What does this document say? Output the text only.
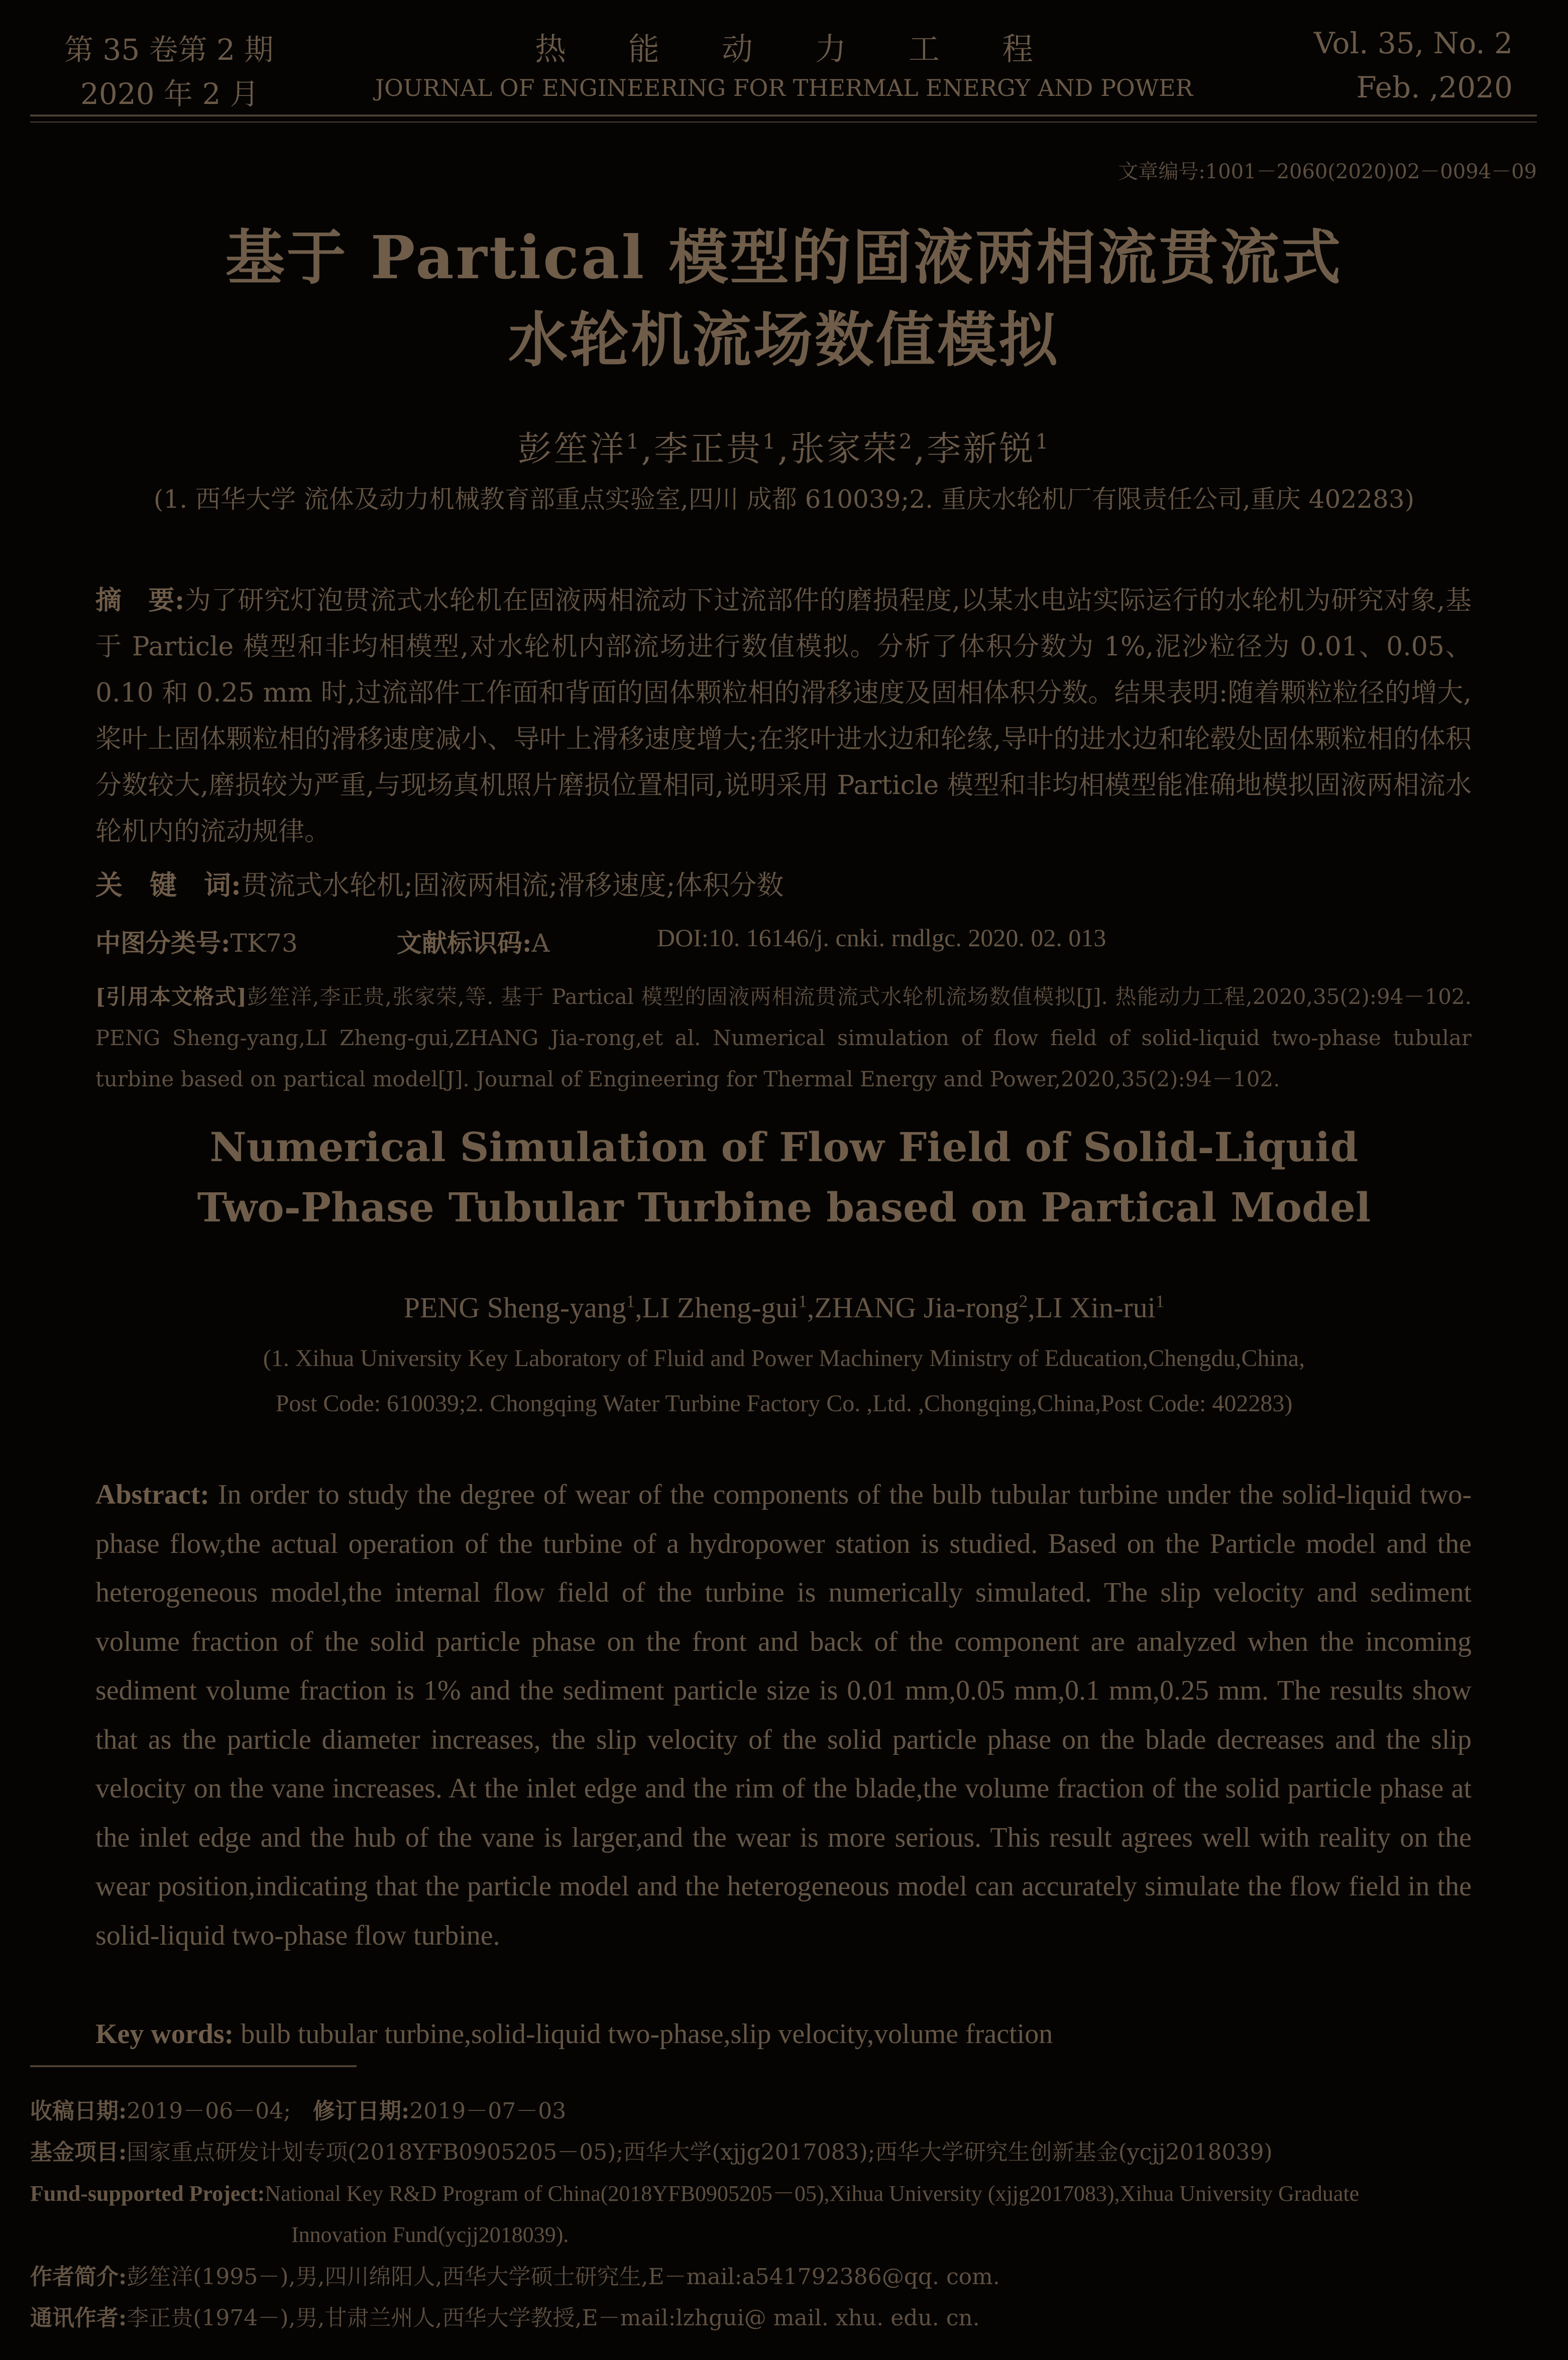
第 35 卷第 2 期
2020 年 2 月
热　　能　　动　　力　　工　　程
JOURNAL OF ENGINEERING FOR THERMAL ENERGY AND POWER
Vol. 35, No. 2
Feb. ,2020
文章编号:1001－2060(2020)02－0094－09
基于 Partical 模型的固液两相流贯流式
水轮机流场数值模拟
彭笙洋$^1$,李正贵$^1$,张家荣$^2$,李新锐$^1$
(1. 西华大学 流体及动力机械教育部重点实验室,四川 成都 610039;2. 重庆水轮机厂有限责任公司,重庆 402283)
摘　要:为了研究灯泡贯流式水轮机在固液两相流动下过流部件的磨损程度,以某水电站实际运行的水轮机为研究对象,基于 Particle 模型和非均相模型,对水轮机内部流场进行数值模拟。分析了体积分数为 1%,泥沙粒径为 0.01、0.05、0.10 和 0.25 mm 时,过流部件工作面和背面的固体颗粒相的滑移速度及固相体积分数。结果表明:随着颗粒粒径的增大,桨叶上固体颗粒相的滑移速度减小、导叶上滑移速度增大;在浆叶进水边和轮缘,导叶的进水边和轮毂处固体颗粒相的体积分数较大,磨损较为严重,与现场真机照片磨损位置相同,说明采用 Particle 模型和非均相模型能准确地模拟固液两相流水轮机内的流动规律。
关　键　词:贯流式水轮机;固液两相流;滑移速度;体积分数
中图分类号:TK73	文献标识码:A	DOI:10. 16146/j. cnki. rndlgc. 2020. 02. 013
[引用本文格式]彭笙洋,李正贵,张家荣,等. 基于 Partical 模型的固液两相流贯流式水轮机流场数值模拟[J]. 热能动力工程,2020,35(2):94－102. PENG Sheng-yang,LI Zheng-gui,ZHANG Jia-rong,et al. Numerical simulation of flow field of solid-liquid two-phase tubular turbine based on partical model[J]. Journal of Engineering for Thermal Energy and Power,2020,35(2):94－102.
Numerical Simulation of Flow Field of Solid-Liquid
Two-Phase Tubular Turbine based on Partical Model
PENG Sheng-yang$^1$,LI Zheng-gui$^1$,ZHANG Jia-rong$^2$,LI Xin-rui$^1$
(1. Xihua University Key Laboratory of Fluid and Power Machinery Ministry of Education,Chengdu,China,
Post Code: 610039;2. Chongqing Water Turbine Factory Co. ,Ltd. ,Chongqing,China,Post Code: 402283)
Abstract: In order to study the degree of wear of the components of the bulb tubular turbine under the solid-liquid two-phase flow,the actual operation of the turbine of a hydropower station is studied. Based on the Particle model and the heterogeneous model,the internal flow field of the turbine is numerically simulated. The slip velocity and sediment volume fraction of the solid particle phase on the front and back of the component are analyzed when the incoming sediment volume fraction is 1% and the sediment particle size is 0.01 mm,0.05 mm,0.1 mm,0.25 mm. The results show that as the particle diameter increases, the slip velocity of the solid particle phase on the blade decreases and the slip velocity on the vane increases. At the inlet edge and the rim of the blade,the volume fraction of the solid particle phase at the inlet edge and the hub of the vane is larger,and the wear is more serious. This result agrees well with reality on the wear position,indicating that the particle model and the heterogeneous model can accurately simulate the flow field in the solid-liquid two-phase flow turbine.
Key words: bulb tubular turbine,solid-liquid two-phase,slip velocity,volume fraction
收稿日期:2019－06－04;　 修订日期:2019－07－03
基金项目:国家重点研发计划专项(2018YFB0905205－05);西华大学(xjjg2017083);西华大学研究生创新基金(ycjj2018039)
Fund-supported Project:National Key R&D Program of China(2018YFB0905205－05),Xihua University (xjjg2017083),Xihua University Graduate
Innovation Fund(ycjj2018039).
作者简介:彭笙洋(1995－),男,四川绵阳人,西华大学硕士研究生,E－mail:a541792386@qq. com.
通讯作者:李正贵(1974－),男,甘肃兰州人,西华大学教授,E－mail:lzhgui@ mail. xhu. edu. cn.
